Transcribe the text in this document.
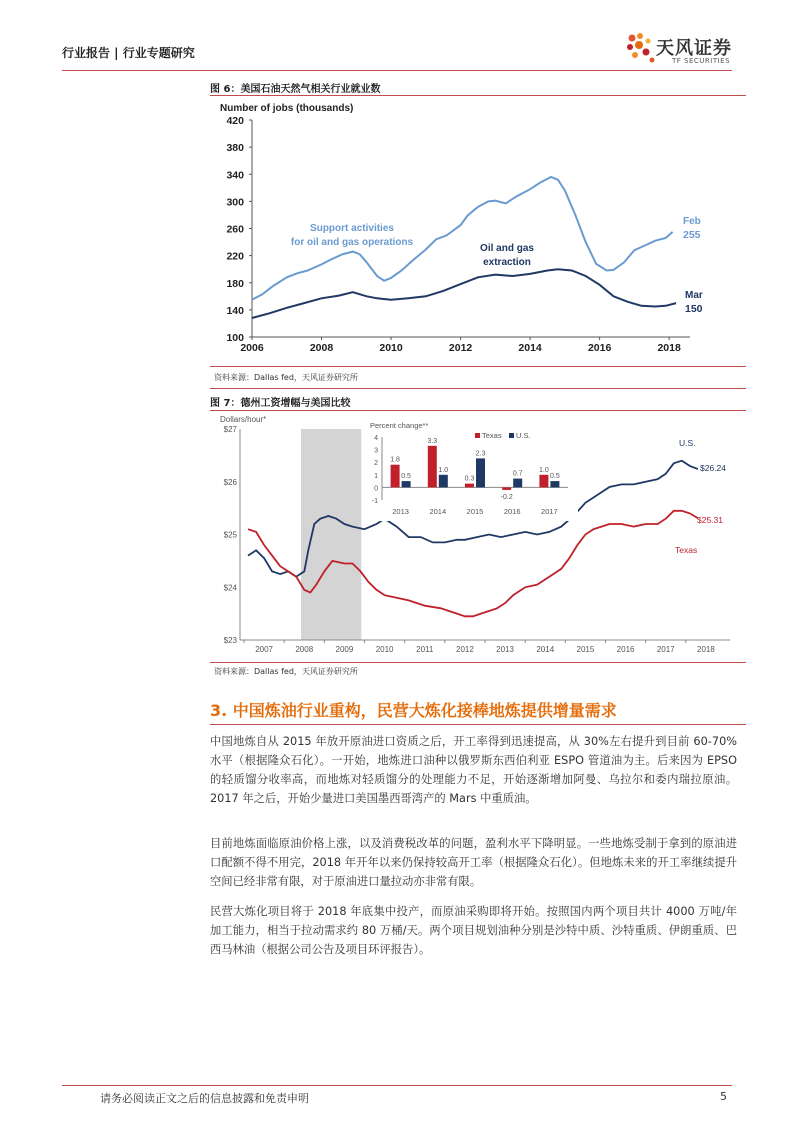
行业报告 | 行业专题研究	天风证券
TF SECURITIES
图 6：美国石油天然气相关行业就业数
Number of jobs (thousands)
420
380
340
300
260
220
180
140
100
2006	2008	2010	2012	2014	2016	2018
Support activities
for oil and gas operations
Oil and gas
extraction
Feb
255
Mar
150
资料来源：Dallas fed，天风证券研究所
图 7：德州工资增幅与美国比较
Dollars/hour*
$27
$26
$25
$24
$23
2007	2008	2009	2010	2011	2012	2013	2014	2015	2016	2017	2018
U.S.
$26.24
$25.31
Texas
Percent change**
4
3
2
1
0
-1
Texas U.S.
2013
1.8
0.5
2014
3.3
1.0
2015
0.3
2.3
2016
-0.2
0.7
2017
1.0
0.5
资料来源：Dallas fed，天风证券研究所
3. 中国炼油行业重构，民营大炼化接棒地炼提供增量需求
中国地炼自从 2015 年放开原油进口资质之后，开工率得到迅速提高，从 30%左右提升到目前 60-70%水平（根据隆众石化）。一开始，地炼进口油种以俄罗斯东西伯利亚 ESPO 管道油为主。后来因为 EPSO 的轻质馏分收率高，而地炼对轻质馏分的处理能力不足，开始逐渐增加阿曼、乌拉尔和委内瑞拉原油。2017 年之后，开始少量进口美国墨西哥湾产的 Mars 中重质油。
目前地炼面临原油价格上涨，以及消费税改革的问题，盈利水平下降明显。一些地炼受制于拿到的原油进口配额不得不用完，2018 年开年以来仍保持较高开工率（根据隆众石化）。但地炼未来的开工率继续提升空间已经非常有限，对于原油进口量拉动亦非常有限。
民营大炼化项目将于 2018 年底集中投产，而原油采购即将开始。按照国内两个项目共计 4000 万吨/年加工能力，相当于拉动需求约 80 万桶/天。两个项目规划油种分别是沙特中质、沙特重质、伊朗重质、巴西马林油（根据公司公告及项目环评报告）。
请务必阅读正文之后的信息披露和免责申明	5
